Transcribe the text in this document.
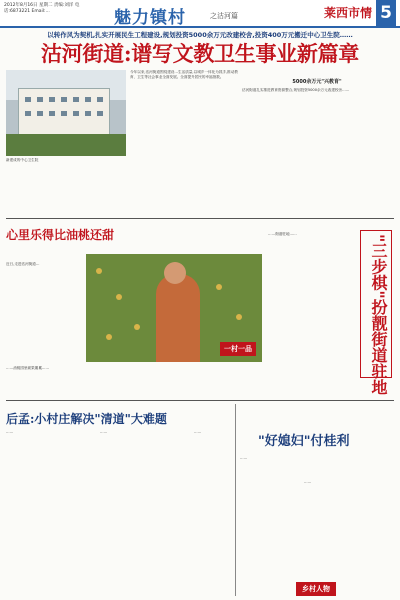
2012年8月16日 星期二 责编:刘洋 电话:6873221 Email:...	魅力镇村	之沽河篇	莱西市情 5
以转作风为契机,扎实开展民生工程建设,规划投资5000余万元改建校舍,投资400万元搬迁中心卫生院……
沽河街道:谱写文教卫生事业新篇章
新建成的中心卫生院
今年以来,沽河街道围绕建设…生活质量,以城乡一体化为抓手,推动教育、卫生等社会事业全面发展。全面提升居民的幸福指数。
5000余万元"兴教育"
沽河街道扎实推进教育资源整合,规划投资5000余万元改建校舍……
心里乐得比油桃还甜
一村一品
近日,走进沽河街道…
……油桃园里硕果累累……
……街道驻地……	"三步棋"扮靓街道驻地
后孟:小村庄解决"清道"大难题
……	……	……
"好媳妇"付桂利
……
……
乡村人物
